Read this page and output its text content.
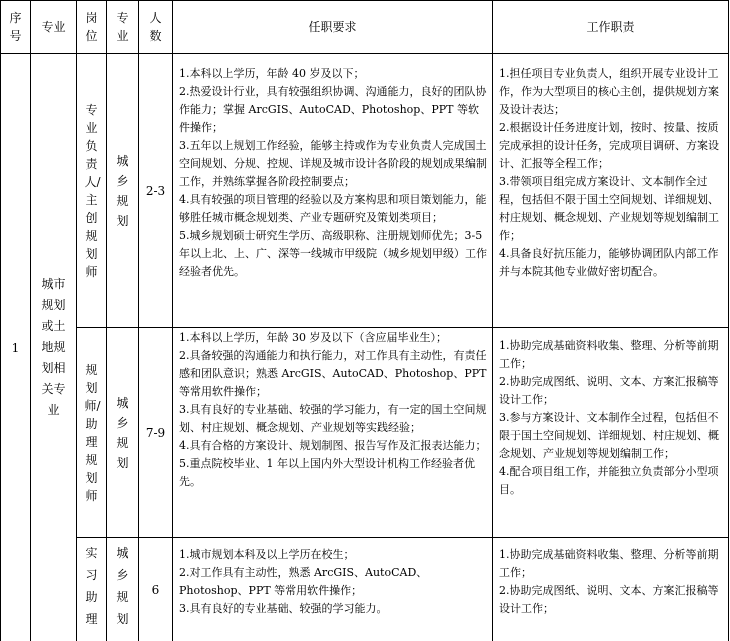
序号
专业
岗位
专业
人数
任职要求	工作职责
1
城市规划或土地规划相关专业
专业负责人/主创规划师
城乡规划
2-3

1.本科以上学历，年龄 40 岁及以下；

2.热爱设计行业，具有较强组织协调、沟通能力，良好的团队协作能力；掌握 ArcGIS、AutoCAD、Photoshop、PPT 等软件操作；

3.五年以上规划工作经验，能够主持或作为专业负责人完成国土空间规划、分规、控规、详规及城市设计各阶段的规划成果编制工作，并熟练掌握各阶段控制要点；

4.具有较强的项目管理的经验以及方案构思和项目策划能力，能够胜任城市概念规划类、产业专题研究及策划类项目；

5.城乡规划硕士研究生学历、高级职称、注册规划师优先；3-5 年以上北、上、广、深等一线城市甲级院（城乡规划甲级）工作经验者优先。

1.担任项目专业负责人，组织开展专业设计工作，作为大型项目的核心主创，提供规划方案及设计表达；

2.根据设计任务进度计划，按时、按量、按质完成承担的设计任务，完成项目调研、方案设计、汇报等全程工作；

3.带领项目组完成方案设计、文本制作全过程，包括但不限于国土空间规划、详细规划、村庄规划、概念规划、产业规划等规划编制工作；

4.具备良好抗压能力，能够协调团队内部工作并与本院其他专业做好密切配合。

规划师/助理规划师
城乡规划
7-9

1.本科以上学历，年龄 30 岁及以下（含应届毕业生）；

2.具备较强的沟通能力和执行能力，对工作具有主动性，有责任感和团队意识；熟悉 ArcGIS、AutoCAD、Photoshop、PPT 等常用软件操作；

3.具有良好的专业基础、较强的学习能力，有一定的国土空间规划、村庄规划、概念规划、产业规划等实践经验；

4.具有合格的方案设计、规划制图、报告写作及汇报表达能力；

5.重点院校毕业、1 年以上国内外大型设计机构工作经验者优先。

1.协助完成基础资料收集、整理、分析等前期工作；

2.协助完成图纸、说明、文本、方案汇报稿等设计工作；

3.参与方案设计、文本制作全过程，包括但不限于国土空间规划、详细规划、村庄规划、概念规划、产业规划等规划编制工作；

4.配合项目组工作，并能独立负责部分小型项目。

实习助理
城乡规划
6

1.城市规划本科及以上学历在校生；

2.对工作具有主动性，熟悉 ArcGIS、AutoCAD、Photoshop、PPT 等常用软件操作；

3.具有良好的专业基础、较强的学习能力。

1.协助完成基础资料收集、整理、分析等前期工作；

2.协助完成图纸、说明、文本、方案汇报稿等设计工作；
